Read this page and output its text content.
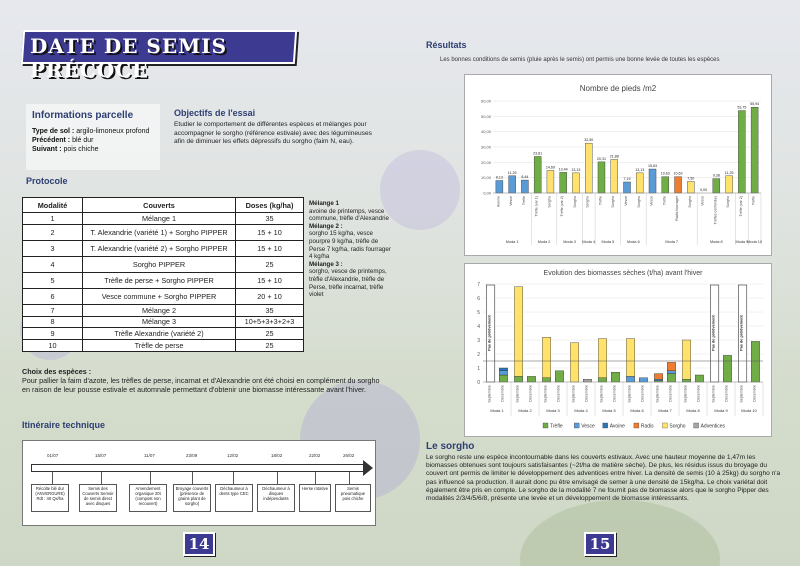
DATE DE SEMIS PRÉCOCE
Informations parcelle
Type de sol : argilo-limoneux profond
Précédent : blé dur
Suivant : pois chiche
Objectifs de l'essai
Etudier le comportement de différentes espèces et mélanges pour accompagner le sorgho (référence estivale) avec des légumineuses afin de diminuer les effets dépressifs du sorgho (faim N, eau).
Protocole
Modalité	Couverts	Doses (kg/ha)
1	Mélange 1	35
2	T. Alexandrie (variété 1) + Sorgho PIPPER	15 + 10
3	T. Alexandrie (variété 2) + Sorgho PIPPER	15 + 10
4	Sorgho PIPPER	25
5	Trèfle de perse + Sorgho PIPPER	15 + 10
6	Vesce commune + Sorgho PIPPER	20 + 10
7	Mélange 2	35
8	Mélange 3	10+5+3+3+2+3
9	Trèfle Alexandrie (variété 2)	25
10	Trèfle de perse	25
Mélange 1
avoine de printemps, vesce commune, trèfle d'Alexandrie
Mélange 2 :
sorgho 15 kg/ha, vesce pourpre 9 kg/ha, trèfle de Perse 7 kg/ha, radis fourrager 4 kg/ha
Mélange 3 :
sorgho, vesce de printemps, trèfle d'Alexandrie, trèfle de Perse, trèfle incarnat, trèfle violet
Choix des espèces :
Pour pallier la faim d'azote, les trèfles de perse, incarnat et d'Alexandrie ont été choisi en complément du sorgho en raison de leur pousse estivale et automnale permettant d'obtenir une biomasse intéressante avant l'hiver.
Itinéraire technique
01/07
Récolte blé dur (ANVERGURE) Rdt : 40 Qx/ha
15/07
Semis des Couverts Semoir de semis direct avec disques
11/07
Amendement organique 20t (compost non recouvert)
23/09
Broyage couverts (présence de grains plant de sorgho)
12/02
Déchaumeur à dents type CEC
18/02
Déchaumeur à disques indépendants
22/02
Herse rotative
26/02
Semis pneumatique pois chiche
14
Résultats
Les bonnes conditions de semis (pluie après le semis) ont permis une bonne levée de toutes les espèces
Nombre de pieds /m2
0,00
10,00
20,00
30,00
40,00
50,00
60,00
8,13
Avoine
11,25
Vesce
8,44
Trèfle
23,81
Trèfle (var 1)
14,69
Sorgho
13,44
Trèfle (var 2)
13,13
Sorgho
32,50
Sorgho
20,31
Trèfle
21,88
Sorgho
7,19
Vesce
13,13
Sorgho
15,63
Vesce
10,63
Trèfle
10,63
Radis fourrager
7,50
Sorgho
0,00
Vesce
9,38
Trèfles confondus
11,25
Sorgho
53,75
Trèfle (var 2)
55,94
Trèfle
Moda 1	Moda 2	Moda 3 Moda 4 Moda 5	Moda 6	Moda 7	Moda 8	Moda 9 Moda 10
Evolution des biomasses sèches (t/ha) avant l'hiver
0
1
2
3
4
5
6
7
Pas de prélèvement
Septembre Décembre
Moda 1
Septembre Décembre
Moda 2
Septembre Décembre
Moda 3
Septembre Décembre
Moda 4
Septembre Décembre
Moda 5
Septembre Décembre
Moda 6
Septembre Décembre
Moda 7
Septembre Décembre
Moda 8
Pas de prélèvement
Septembre Décembre
Moda 9
Pas de prélèvement
Septembre Décembre
Moda 10
Trèfle	Vesce	Avoine	Radis	Sorgho	Adventices
Le sorgho
Le sorgho reste une espèce incontournable dans les couverts estivaux. Avec une hauteur moyenne de 1,47m les biomasses obtenues sont toujours satisfaisantes (~2t/ha de matière sèche). De plus, les résidus issus du broyage du couvert ont permis de limiter le développement des adventices entre hiver. La densité de semis (10 à 25kg) du sorgho n'a pas influencé sa production. Il aurait donc pu être envisagé de semer à une densité de 15kg/ha. Le choix variétal doit également être pris en compte. Le sorgho de la modalité 7 ne fournit pas de biomasse alors que le sorgho Pipper des modalités 2/3/4/5/6/8, présente une levée et un développement de biomasse intéressants.
15
